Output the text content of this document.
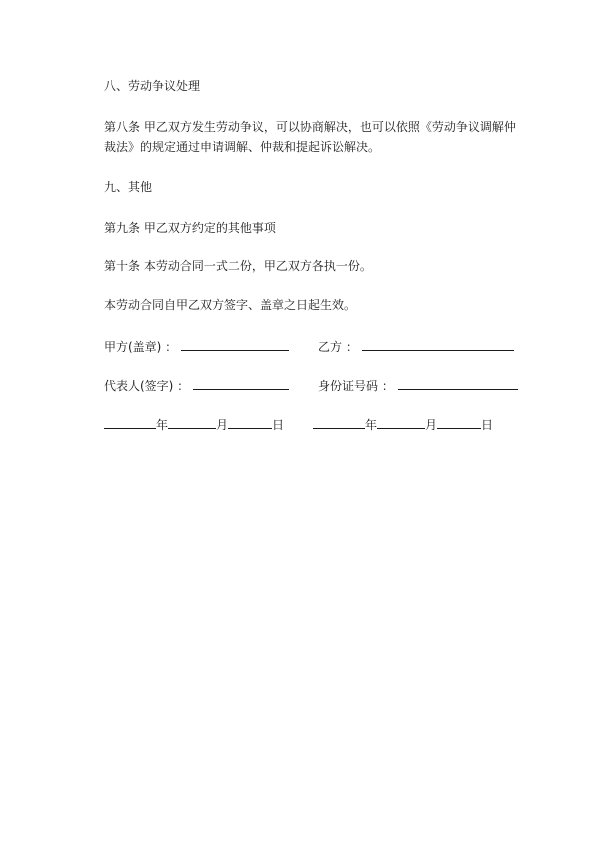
八、劳动争议处理
第八条 甲乙双方发生劳动争议，可以协商解决，也可以依照《劳动争议调解仲
裁法》的规定通过申请调解、仲裁和提起诉讼解决。
九、其他
第九条 甲乙双方约定的其他事项
第十条 本劳动合同一式二份，甲乙双方各执一份。
本劳动合同自甲乙双方签字、盖章之日起生效。
甲方(盖章) ：	乙方 ：
代表人(签字) ：	身份证号码 ：
年	月	日	年	月	日
